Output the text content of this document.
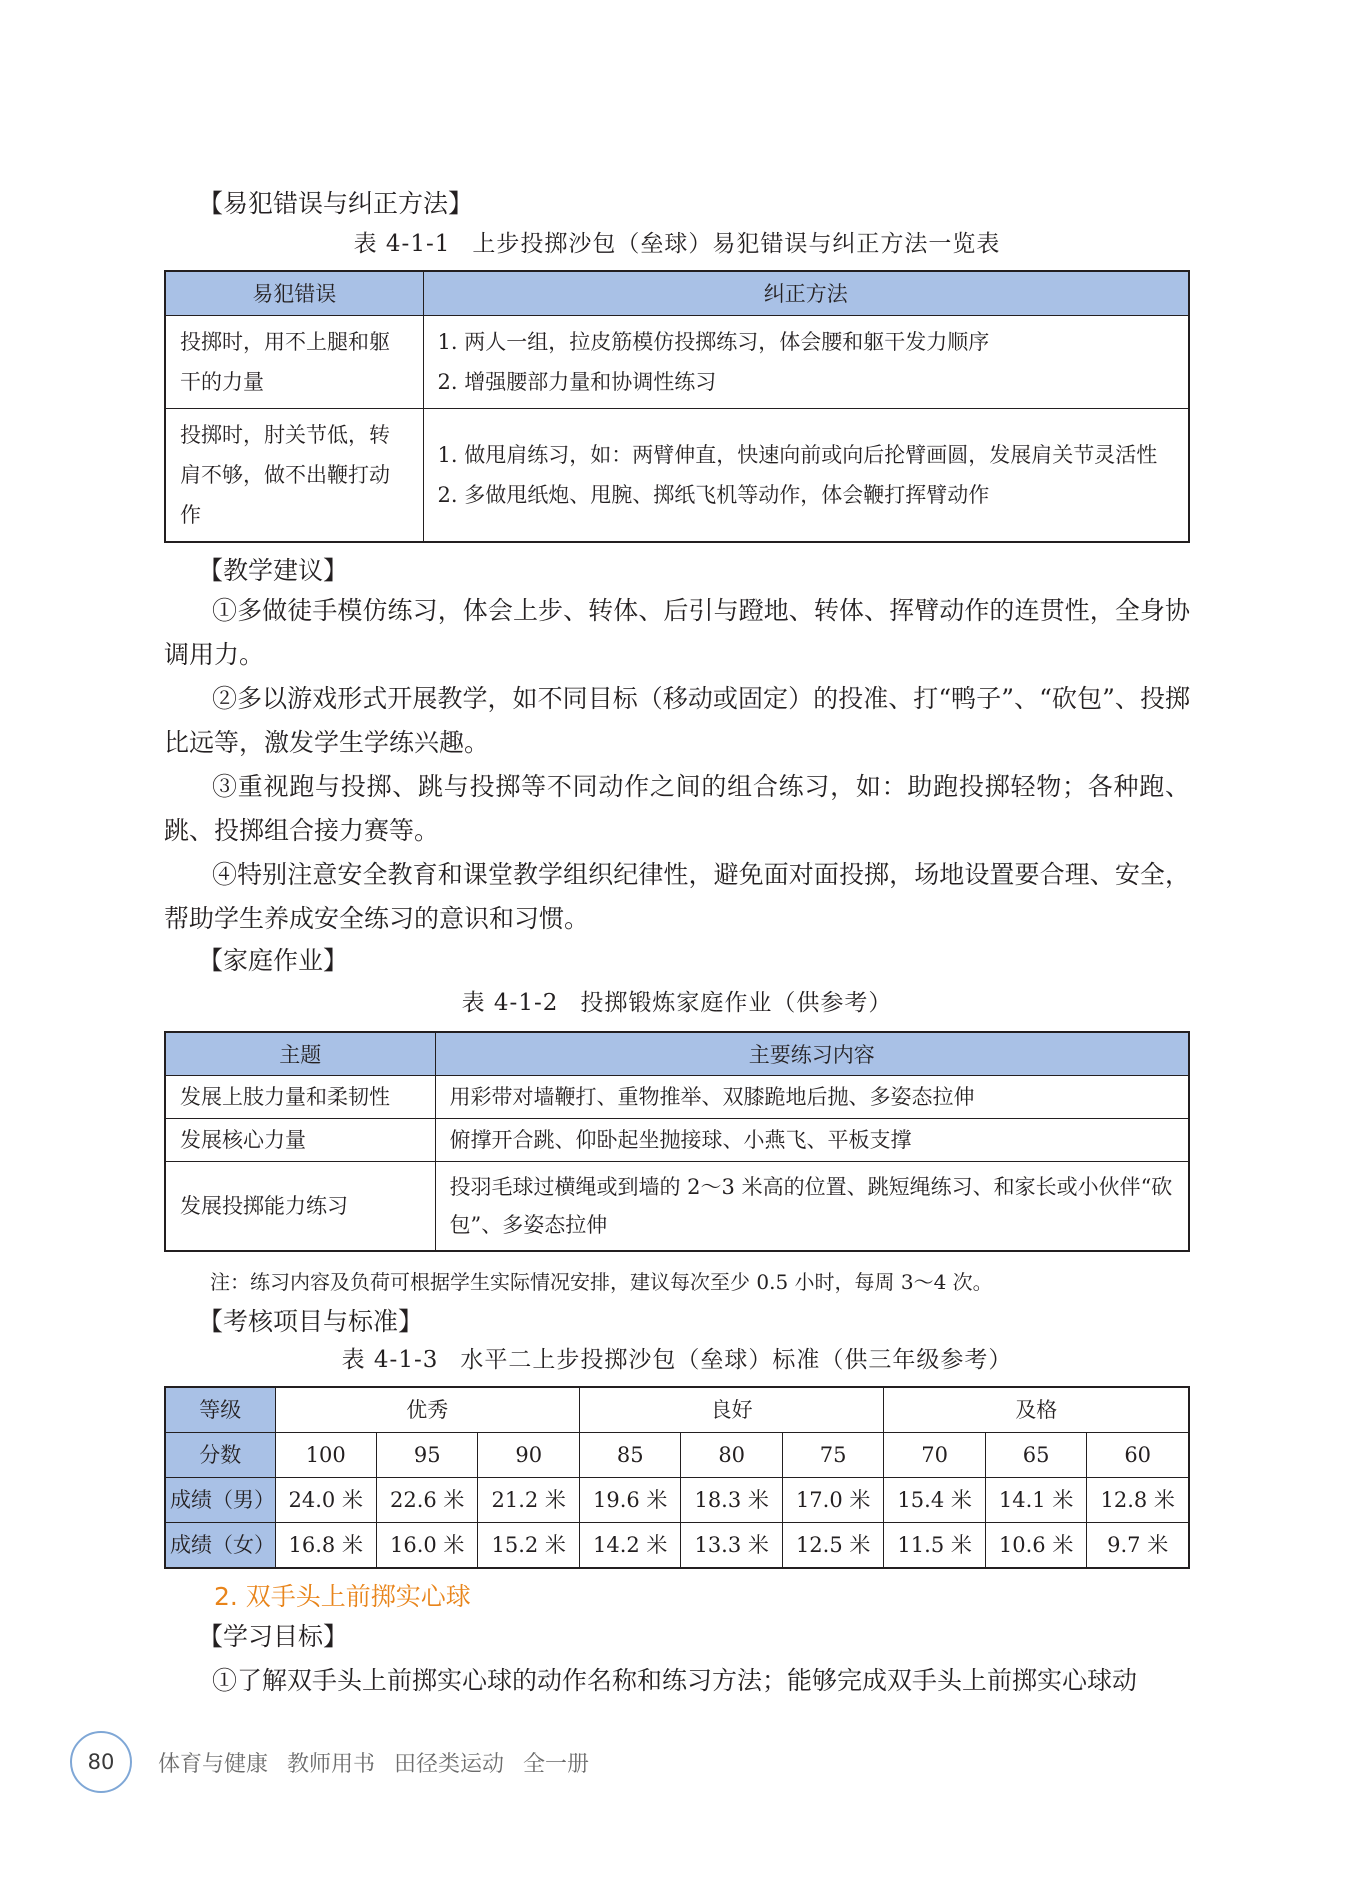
【易犯错误与纠正方法】
表 4-1-1 上步投掷沙包（垒球）易犯错误与纠正方法一览表
易犯错误	纠正方法
投掷时，用不上腿和躯干的力量	1. 两人一组，拉皮筋模仿投掷练习，体会腰和躯干发力顺序
2. 增强腰部力量和协调性练习

投掷时，肘关节低，转肩不够，做不出鞭打动作	1. 做甩肩练习，如：两臂伸直，快速向前或向后抡臂画圆，发展肩关节灵活性
2. 多做甩纸炮、甩腕、掷纸飞机等动作，体会鞭打挥臂动作
【教学建议】
①多做徒手模仿练习，体会上步、转体、后引与蹬地、转体、挥臂动作的连贯性，全身协调用力。
②多以游戏形式开展教学，如不同目标（移动或固定）的投准、打“鸭子”、“砍包”、投掷比远等，激发学生学练兴趣。
③重视跑与投掷、跳与投掷等不同动作之间的组合练习，如：助跑投掷轻物；各种跑、跳、投掷组合接力赛等。
④特别注意安全教育和课堂教学组织纪律性，避免面对面投掷，场地设置要合理、安全，帮助学生养成安全练习的意识和习惯。
【家庭作业】
表 4-1-2 投掷锻炼家庭作业（供参考）
主题	主要练习内容
发展上肢力量和柔韧性	用彩带对墙鞭打、重物推举、双膝跪地后抛、多姿态拉伸
发展核心力量	俯撑开合跳、仰卧起坐抛接球、小燕飞、平板支撑
发展投掷能力练习	投羽毛球过横绳或到墙的 2～3 米高的位置、跳短绳练习、和家长或小伙伴“砍包”、多姿态拉伸
注：练习内容及负荷可根据学生实际情况安排，建议每次至少 0.5 小时，每周 3～4 次。
【考核项目与标准】
表 4-1-3 水平二上步投掷沙包（垒球）标准（供三年级参考）
等级	优秀			良好			及格		
分数	100	95	90	85	80	75	70	65	60
成绩（男）	24.0 米	22.6 米	21.2 米	19.6 米	18.3 米	17.0 米	15.4 米	14.1 米	12.8 米
成绩（女）	16.8 米	16.0 米	15.2 米	14.2 米	13.3 米	12.5 米	11.5 米	10.6 米	9.7 米
2. 双手头上前掷实心球
【学习目标】
①了解双手头上前掷实心球的动作名称和练习方法；能够完成双手头上前掷实心球动
80	体育与健康 教师用书 田径类运动 全一册
